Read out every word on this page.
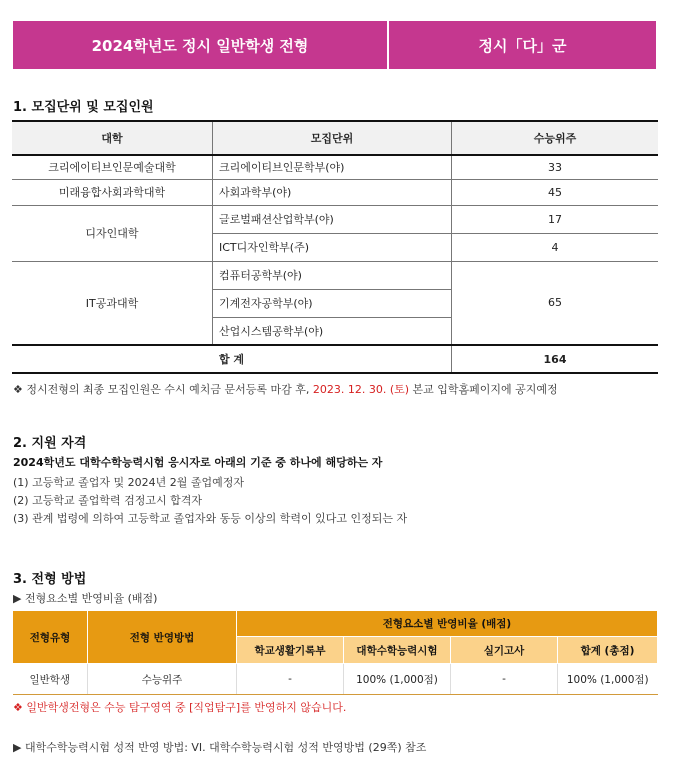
2024학년도 정시 일반학생 전형	정시「다」군
1. 모집단위 및 모집인원
대학	모집단위	수능위주
크리에이티브인문예술대학	크리에이티브인문학부(야)	33
미래융합사회과학대학	사회과학부(야)	45
디자인대학	글로벌패션산업학부(야)	17
	ICT디자인학부(주)	4
IT공과대학	컴퓨터공학부(야)	65
	기계전자공학부(야)	
	산업시스템공학부(야)	
합 계		164
❖ 정시전형의 최종 모집인원은 수시 예치금 문서등록 마감 후, 2023. 12. 30. (토) 본교 입학홈페이지에 공지예정
2. 지원 자격
2024학년도 대학수학능력시험 응시자로 아래의 기준 중 하나에 해당하는 자
(1) 고등학교 졸업자 및 2024년 2월 졸업예정자
(2) 고등학교 졸업학력 검정고시 합격자
(3) 관계 법령에 의하여 고등학교 졸업자와 동등 이상의 학력이 있다고 인정되는 자
3. 전형 방법
▶ 전형요소별 반영비율 (배점)
전형유형	전형 반영방법	전형요소별 반영비율 (배점)			
		학교생활기록부	대학수학능력시험	실기고사	합계 (총점)
일반학생	수능위주	-	100% (1,000점)	-	100% (1,000점)
❖ 일반학생전형은 수능 탐구영역 중 [직업탐구]를 반영하지 않습니다.
▶ 대학수학능력시험 성적 반영 방법: VI. 대학수학능력시험 성적 반영방법 (29쪽) 참조
